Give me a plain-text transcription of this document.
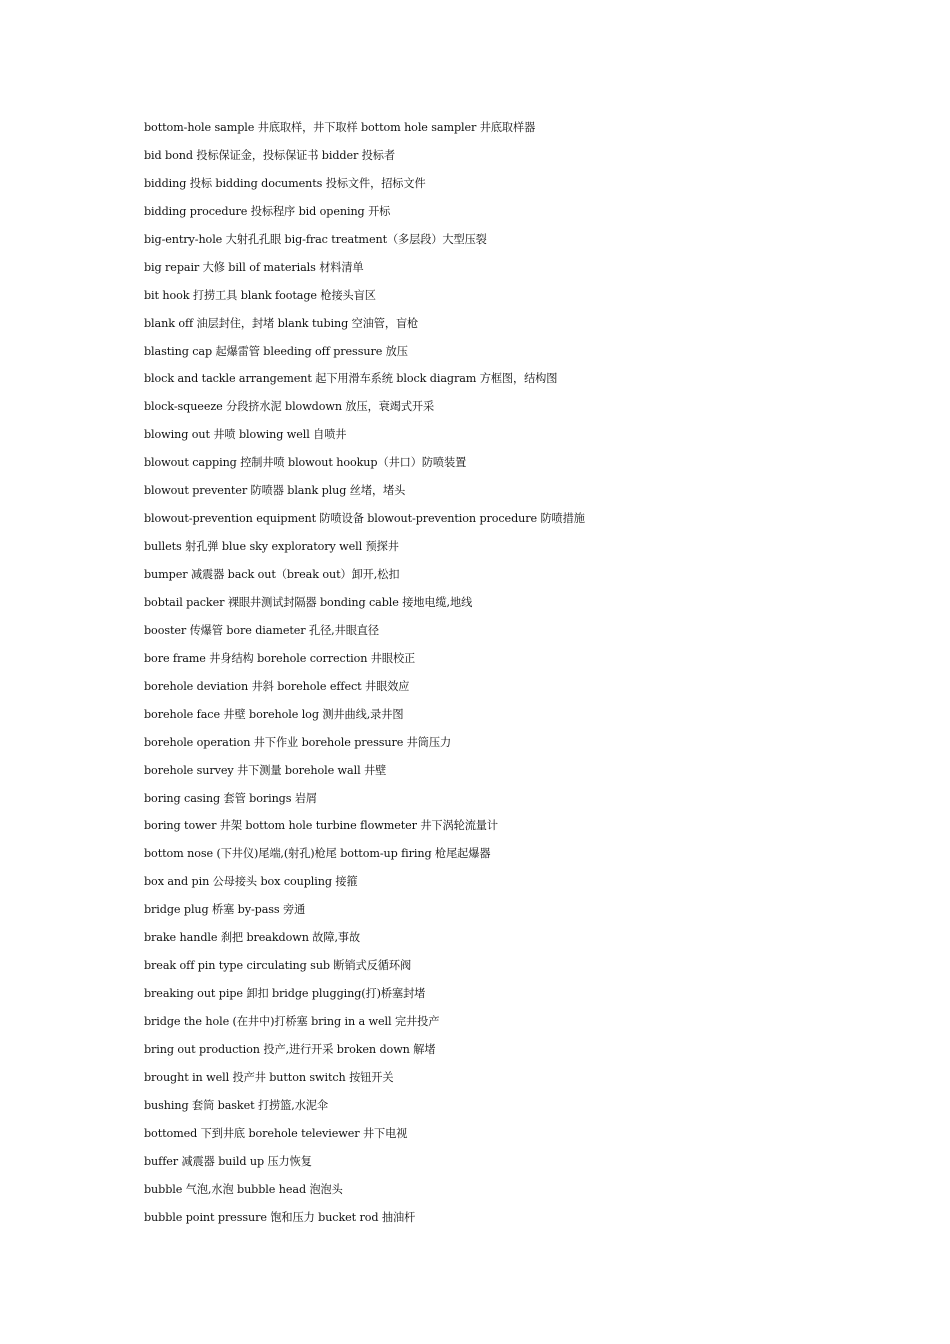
bottom-hole sample 井底取样，井下取样 bottom hole sampler 井底取样器
bid bond 投标保证金，投标保证书 bidder 投标者
bidding 投标 bidding documents 投标文件，招标文件
bidding procedure 投标程序 bid opening 开标
big-entry-hole 大射孔孔眼 big-frac treatment（多层段）大型压裂
big repair 大修 bill of materials 材料清单
bit hook 打捞工具 blank footage 枪接头盲区
blank off 油层封住，封堵 blank tubing 空油管，盲枪
blasting cap 起爆雷管 bleeding off pressure 放压
block and tackle arrangement 起下用滑车系统 block diagram 方框图，结构图
block-squeeze 分段挤水泥 blowdown 放压，衰竭式开采
blowing out 井喷 blowing well 自喷井
blowout capping 控制井喷 blowout hookup（井口）防喷装置
blowout preventer 防喷器 blank plug 丝堵，堵头
blowout-prevention equipment 防喷设备 blowout-prevention procedure 防喷措施
bullets 射孔弹 blue sky exploratory well 预探井
bumper 减震器 back out（break out）卸开,松扣
bobtail packer 裸眼井测试封隔器 bonding cable 接地电缆,地线
booster 传爆管 bore diameter 孔径,井眼直径
bore frame 井身结构 borehole correction 井眼校正
borehole deviation 井斜 borehole effect 井眼效应
borehole face 井壁 borehole log 测井曲线,录井图
borehole operation 井下作业 borehole pressure 井筒压力
borehole survey 井下测量 borehole wall 井壁
boring casing 套管 borings 岩屑
boring tower 井架 bottom hole turbine flowmeter 井下涡轮流量计
bottom nose (下井仪)尾端,(射孔)枪尾 bottom-up firing 枪尾起爆器
box and pin 公母接头 box coupling 接箍
bridge plug 桥塞 by-pass 旁通
brake handle 刹把 breakdown 故障,事故
break off pin type circulating sub 断销式反循环阀
breaking out pipe 卸扣 bridge plugging(打)桥塞封堵
bridge the hole (在井中)打桥塞 bring in a well 完井投产
bring out production 投产,进行开采 broken down 解堵
brought in well 投产井 button switch 按钮开关
bushing 套筒 basket 打捞篮,水泥伞
bottomed 下到井底 borehole televiewer 井下电视
buffer 减震器 build up 压力恢复
bubble 气泡,水泡 bubble head 泡泡头
bubble point pressure 饱和压力 bucket rod 抽油杆
